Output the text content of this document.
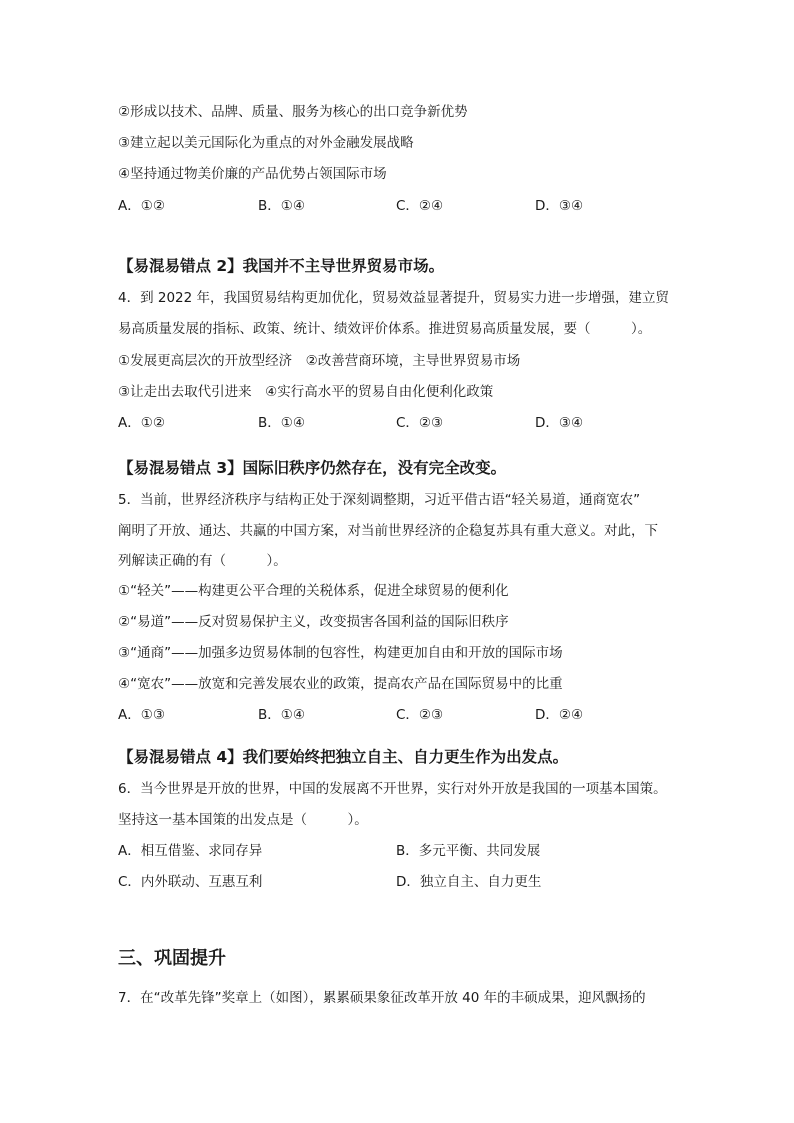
②形成以技术、品牌、质量、服务为核心的出口竞争新优势
③建立起以美元国际化为重点的对外金融发展战略
④坚持通过物美价廉的产品优势占领国际市场
A．①②	B．①④	C．②④	D．③④
【易混易错点 2】我国并不主导世界贸易市场。
4．到 2022 年，我国贸易结构更加优化，贸易效益显著提升，贸易实力进一步增强，建立贸
易高质量发展的指标、政策、统计、绩效评价体系。推进贸易高质量发展，要（　　　）。
①发展更高层次的开放型经济　②改善营商环境，主导世界贸易市场
③让走出去取代引进来　④实行高水平的贸易自由化便利化政策
A．①②	B．①④	C．②③	D．③④
【易混易错点 3】国际旧秩序仍然存在，没有完全改变。
5．当前，世界经济秩序与结构正处于深刻调整期，习近平借古语“轻关易道，通商宽农”
阐明了开放、通达、共赢的中国方案，对当前世界经济的企稳复苏具有重大意义。对此，下
列解读正确的有（　　　）。
①“轻关”——构建更公平合理的关税体系，促进全球贸易的便利化
②“易道”——反对贸易保护主义，改变损害各国利益的国际旧秩序
③“通商”——加强多边贸易体制的包容性，构建更加自由和开放的国际市场
④“宽农”——放宽和完善发展农业的政策，提高农产品在国际贸易中的比重
A．①③	B．①④	C．②③	D．②④
【易混易错点 4】我们要始终把独立自主、自力更生作为出发点。
6．当今世界是开放的世界，中国的发展离不开世界，实行对外开放是我国的一项基本国策。
坚持这一基本国策的出发点是（　　　）。
A．相互借鉴、求同存异	B．多元平衡、共同发展
C．内外联动、互惠互利	D．独立自主、自力更生
三、巩固提升
7．在“改革先锋”奖章上（如图），累累硕果象征改革开放 40 年的丰硕成果，迎风飘扬的
